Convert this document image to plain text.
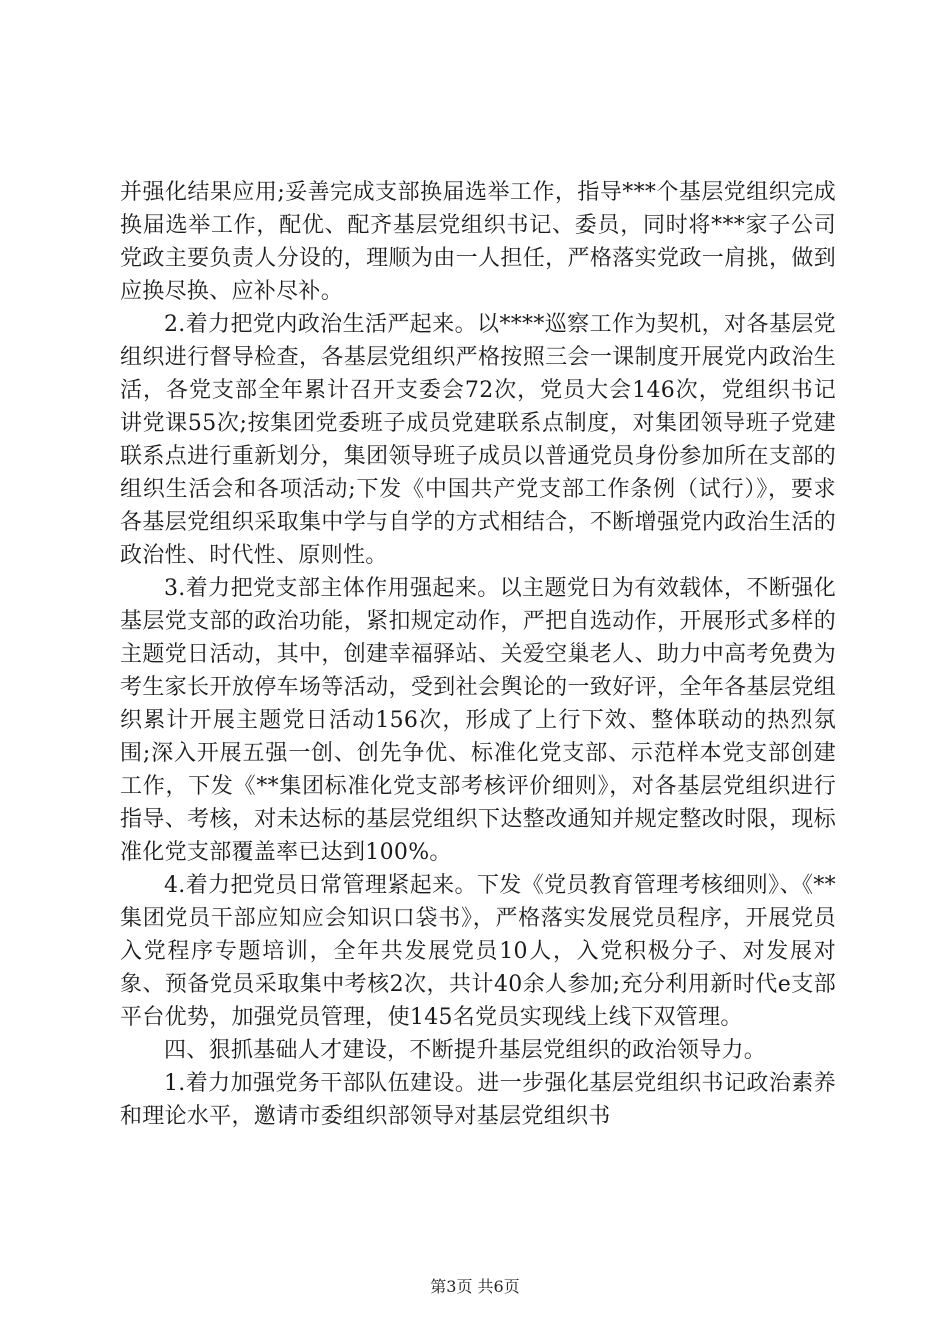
并强化结果应用;妥善完成支部换届选举工作，指导***个基层党组织完成换届选举工作，配优、配齐基层党组织书记、委员，同时将***家子公司党政主要负责人分设的，理顺为由一人担任，严格落实党政一肩挑，做到应换尽换、应补尽补。

2.着力把党内政治生活严起来。以****巡察工作为契机，对各基层党组织进行督导检查，各基层党组织严格按照三会一课制度开展党内政治生活，各党支部全年累计召开支委会72次，党员大会146次，党组织书记讲党课55次;按集团党委班子成员党建联系点制度，对集团领导班子党建联系点进行重新划分，集团领导班子成员以普通党员身份参加所在支部的组织生活会和各项活动;下发《中国共产党支部工作条例（试行）》，要求各基层党组织采取集中学与自学的方式相结合，不断增强党内政治生活的政治性、时代性、原则性。

3.着力把党支部主体作用强起来。以主题党日为有效载体，不断强化基层党支部的政治功能，紧扣规定动作，严把自选动作，开展形式多样的主题党日活动，其中，创建幸福驿站、关爱空巢老人、助力中高考免费为考生家长开放停车场等活动，受到社会舆论的一致好评，全年各基层党组织累计开展主题党日活动156次，形成了上行下效、整体联动的热烈氛围;深入开展五强一创、创先争优、标准化党支部、示范样本党支部创建工作，下发《**集团标准化党支部考核评价细则》，对各基层党组织进行指导、考核，对未达标的基层党组织下达整改通知并规定整改时限，现标准化党支部覆盖率已达到100%。

4.着力把党员日常管理紧起来。下发《党员教育管理考核细则》、《**集团党员干部应知应会知识口袋书》，严格落实发展党员程序，开展党员入党程序专题培训，全年共发展党员10人，入党积极分子、对发展对象、预备党员采取集中考核2次，共计40余人参加;充分利用新时代e支部平台优势，加强党员管理，使145名党员实现线上线下双管理。

四、狠抓基础人才建设，不断提升基层党组织的政治领导力。

1.着力加强党务干部队伍建设。进一步强化基层党组织书记政治素养和理论水平，邀请市委组织部领导对基层党组织书

第3页 共6页
